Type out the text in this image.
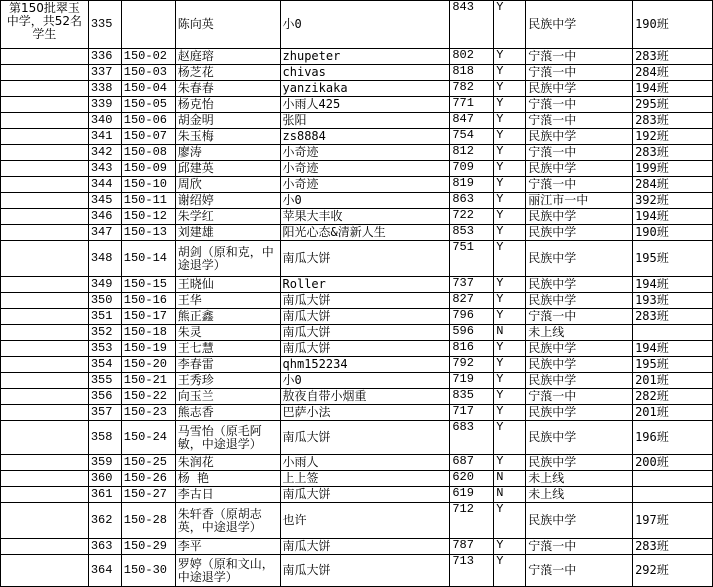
第150批翠玉中学，共52名学生	335		陈向英	小0	843	Y	民族中学	190班
	336	150-02	赵庭瑢	zhupeter	802	Y	宁蒗一中	283班
	337	150-03	杨芝花	chivas	818	Y	宁蒗一中	284班
	338	150-04	朱春春	yanzikaka	782	Y	民族中学	194班
	339	150-05	杨克怡	小雨人425	771	Y	宁蒗一中	295班
	340	150-06	胡金明	张阳	847	Y	宁蒗一中	283班
	341	150-07	朱玉梅	zs8884	754	Y	民族中学	192班
	342	150-08	廖涛	小奇迹	812	Y	宁蒗一中	283班
	343	150-09	邱建英	小奇迹	709	Y	民族中学	199班
	344	150-10	周欣	小奇迹	819	Y	宁蒗一中	284班
	345	150-11	谢绍婷	小0	863	Y	丽江市一中	392班
	346	150-12	朱学红	苹果大丰收	722	Y	民族中学	194班
	347	150-13	刘建雄	阳光心态&清新人生	853	Y	民族中学	190班
	348	150-14	胡剑（原和克，中途退学）	南瓜大饼	751	Y	民族中学	195班
	349	150-15	王晓仙	Roller	737	Y	民族中学	194班
	350	150-16	王华	南瓜大饼	827	Y	民族中学	193班
	351	150-17	熊正鑫	南瓜大饼	796	Y	宁蒗一中	283班
	352	150-18	朱灵	南瓜大饼	596	N	未上线	
	353	150-19	王七慧	南瓜大饼	816	Y	民族中学	194班
	354	150-20	李春雷	qhm152234	792	Y	民族中学	195班
	355	150-21	王秀珍	小0	719	Y	民族中学	201班
	356	150-22	向玉兰	敖夜自带小烟重	835	Y	宁蒗一中	282班
	357	150-23	熊志香	巴萨小法	717	Y	民族中学	201班
	358	150-24	马雪怡（原毛阿敏，中途退学）	南瓜大饼	683	Y	民族中学	196班
	359	150-25	朱润花	小雨人	687	Y	民族中学	200班
	360	150-26	杨 艳	上上签	620	N	未上线	
	361	150-27	李古日	南瓜大饼	619	N	未上线	
	362	150-28	朱轩香（原胡志英，中途退学）	也许	712	Y	民族中学	197班
	363	150-29	李平	南瓜大饼	787	Y	宁蒗一中	283班
	364	150-30	罗婷（原和文山，中途退学）	南瓜大饼	713	Y	宁蒗一中	292班
